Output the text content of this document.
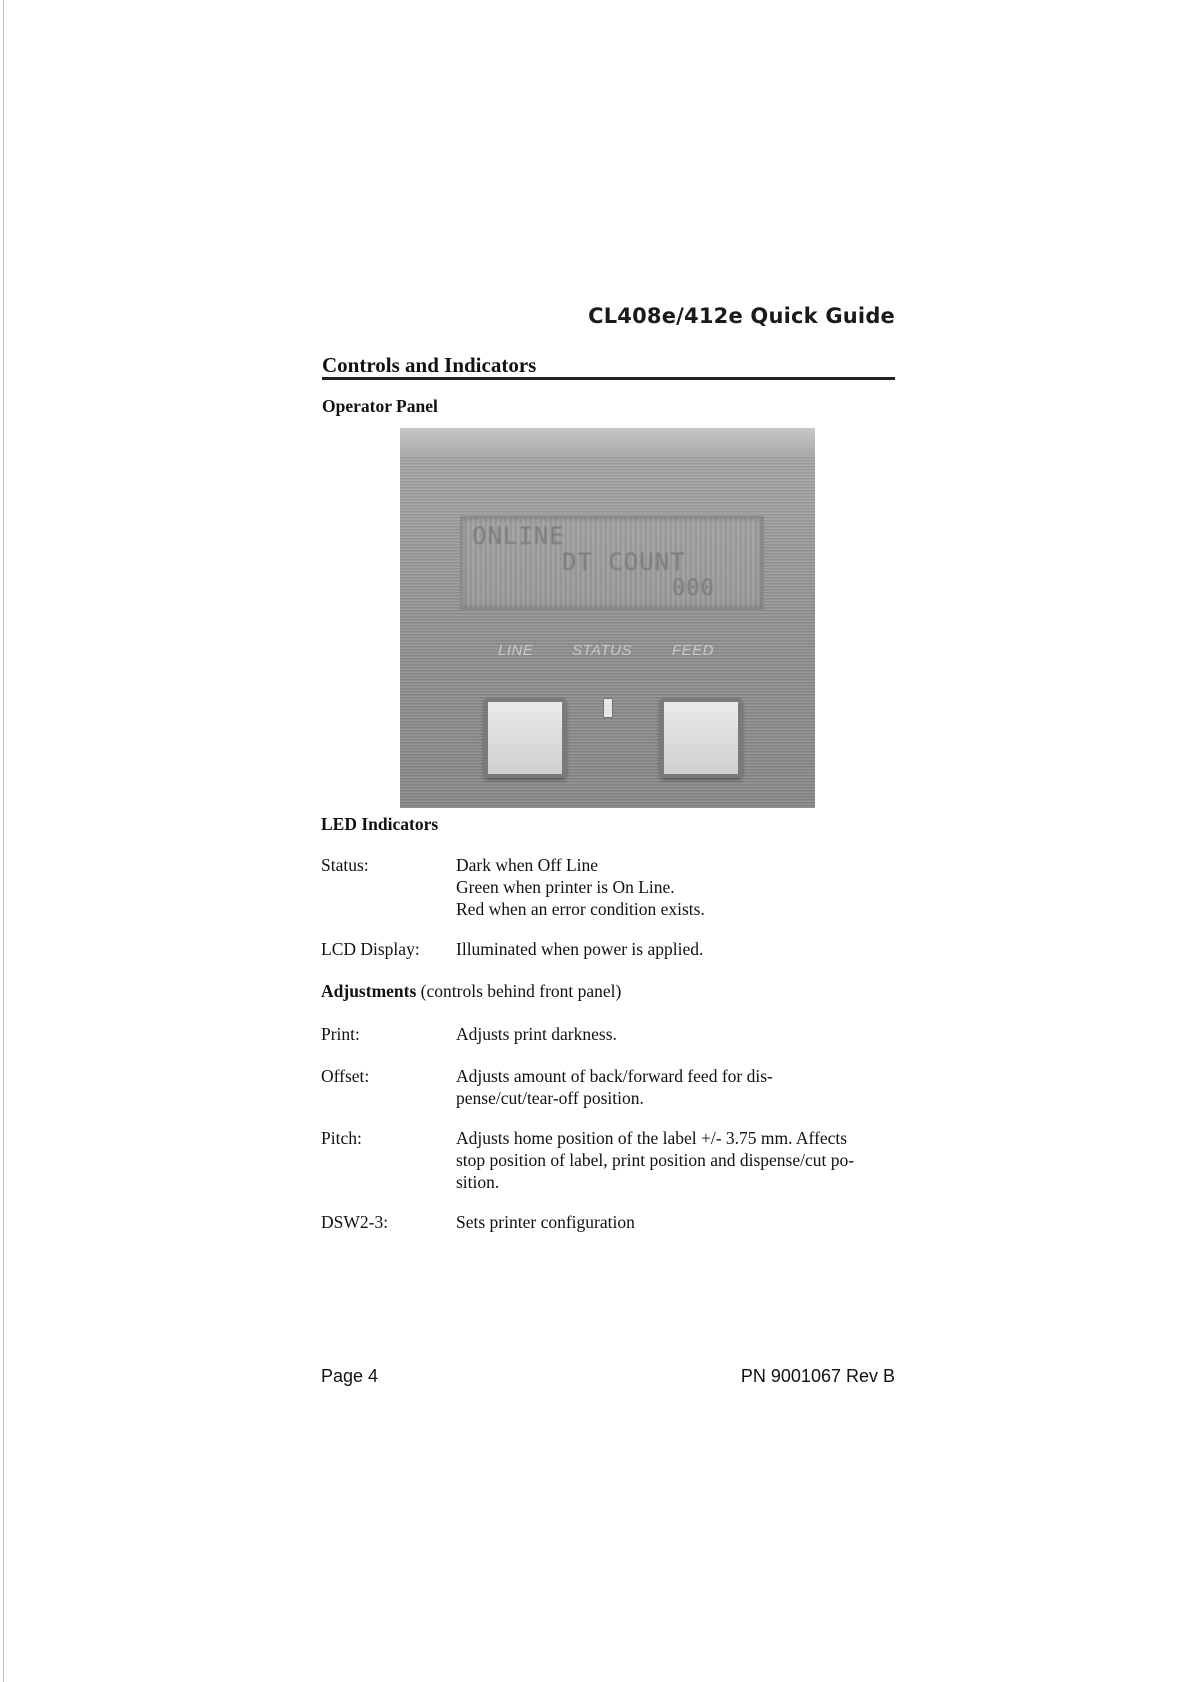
CL408e/412e Quick Guide
Controls and Indicators
Operator Panel
ONLINE
DT COUNT
000
LINE	STATUS	FEED
LED Indicators
Status:	Dark when Off Line
Green when printer is On Line.
Red when an error condition exists.
LCD Display:	Illuminated when power is applied.
Adjustments (controls behind front panel)
Print:	Adjusts print darkness.
Offset:	Adjusts amount of back/forward feed for dis-
pense/cut/tear-off position.
Pitch:	Adjusts home position of the label +/- 3.75 mm. Affects
stop position of label, print position and dispense/cut po-
sition.
DSW2-3:	Sets printer configuration
Page 4	PN 9001067 Rev B
